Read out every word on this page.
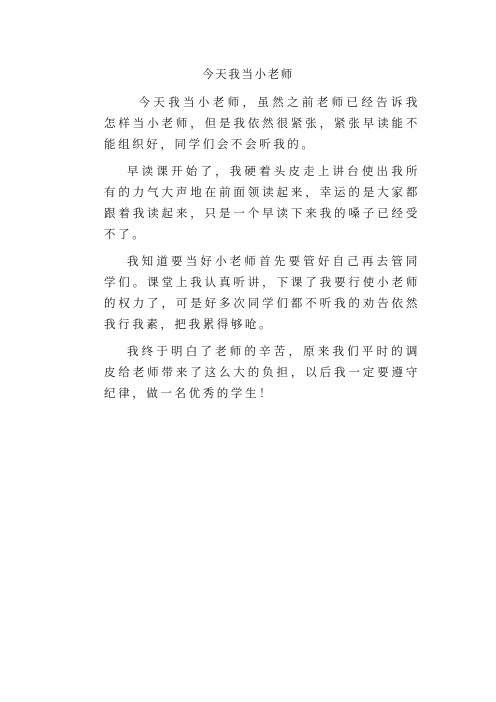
今天我当小老师

今天我当小老师，虽然之前老师已经告诉我怎样当小老师，但是我依然很紧张，紧张早读能不能组织好，同学们会不会听我的。

早读课开始了，我硬着头皮走上讲台使出我所有的力气大声地在前面领读起来，幸运的是大家都跟着我读起来，只是一个早读下来我的嗓子已经受不了。

我知道要当好小老师首先要管好自己再去管同学们。课堂上我认真听讲，下课了我要行使小老师的权力了，可是好多次同学们都不听我的劝告依然我行我素，把我累得够呛。

我终于明白了老师的辛苦，原来我们平时的调皮给老师带来了这么大的负担，以后我一定要遵守纪律，做一名优秀的学生！
